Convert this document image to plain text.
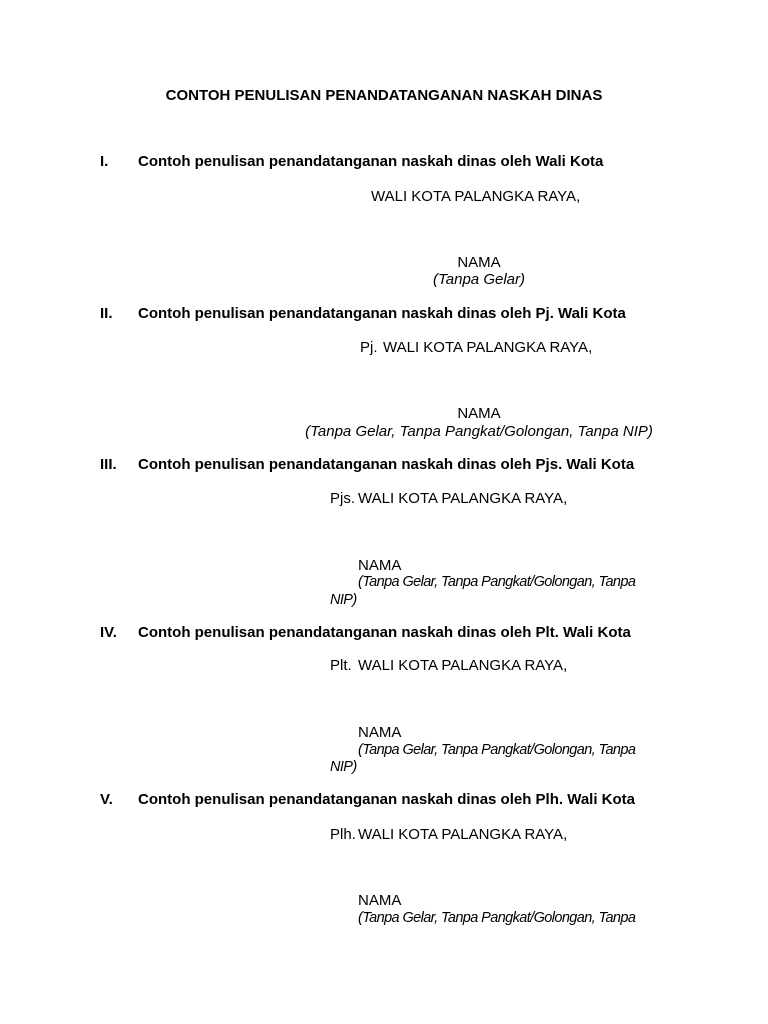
CONTOH PENULISAN PENANDATANGANAN NASKAH DINAS
I. Contoh penulisan penandatanganan naskah dinas oleh Wali Kota
WALI KOTA PALANGKA RAYA,
NAMA
(Tanpa Gelar)
II. Contoh penulisan penandatanganan naskah dinas oleh Pj. Wali Kota
Pj. WALI KOTA PALANGKA RAYA,
NAMA
(Tanpa Gelar, Tanpa Pangkat/Golongan, Tanpa NIP)
III. Contoh penulisan penandatanganan naskah dinas oleh Pjs. Wali Kota
Pjs. WALI KOTA PALANGKA RAYA,
NAMA
(Tanpa Gelar, Tanpa Pangkat/Golongan, Tanpa
NIP)
IV. Contoh penulisan penandatanganan naskah dinas oleh Plt. Wali Kota
Plt. WALI KOTA PALANGKA RAYA,
NAMA
(Tanpa Gelar, Tanpa Pangkat/Golongan, Tanpa
NIP)
V. Contoh penulisan penandatanganan naskah dinas oleh Plh. Wali Kota
Plh. WALI KOTA PALANGKA RAYA,
NAMA
(Tanpa Gelar, Tanpa Pangkat/Golongan, Tanpa
